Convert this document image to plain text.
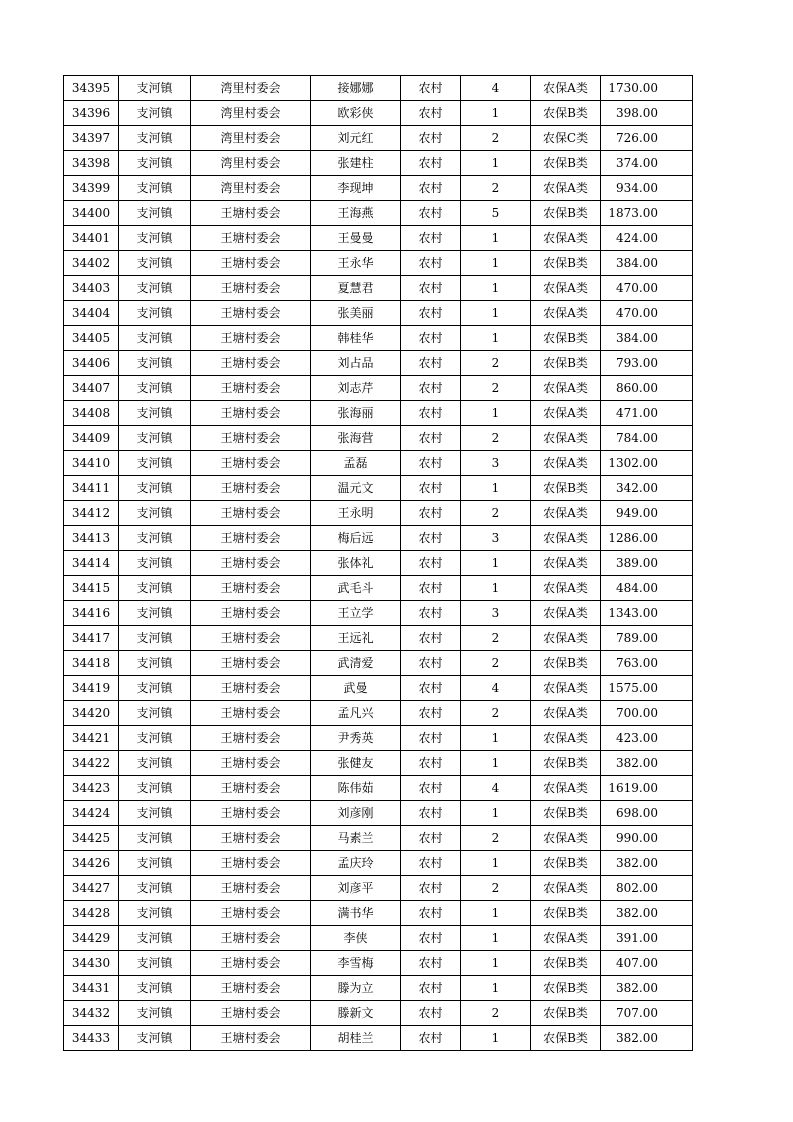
34395	支河镇	湾里村委会	接娜娜	农村	4	农保A类	1730.00
34396	支河镇	湾里村委会	欧彩侠	农村	1	农保B类	398.00
34397	支河镇	湾里村委会	刘元红	农村	2	农保C类	726.00
34398	支河镇	湾里村委会	张建柱	农村	1	农保B类	374.00
34399	支河镇	湾里村委会	李现坤	农村	2	农保A类	934.00
34400	支河镇	王塘村委会	王海燕	农村	5	农保B类	1873.00
34401	支河镇	王塘村委会	王曼曼	农村	1	农保A类	424.00
34402	支河镇	王塘村委会	王永华	农村	1	农保B类	384.00
34403	支河镇	王塘村委会	夏慧君	农村	1	农保A类	470.00
34404	支河镇	王塘村委会	张美丽	农村	1	农保A类	470.00
34405	支河镇	王塘村委会	韩桂华	农村	1	农保B类	384.00
34406	支河镇	王塘村委会	刘占品	农村	2	农保B类	793.00
34407	支河镇	王塘村委会	刘志芹	农村	2	农保A类	860.00
34408	支河镇	王塘村委会	张海丽	农村	1	农保A类	471.00
34409	支河镇	王塘村委会	张海营	农村	2	农保A类	784.00
34410	支河镇	王塘村委会	孟磊	农村	3	农保A类	1302.00
34411	支河镇	王塘村委会	温元文	农村	1	农保B类	342.00
34412	支河镇	王塘村委会	王永明	农村	2	农保A类	949.00
34413	支河镇	王塘村委会	梅后远	农村	3	农保A类	1286.00
34414	支河镇	王塘村委会	张体礼	农村	1	农保A类	389.00
34415	支河镇	王塘村委会	武毛斗	农村	1	农保A类	484.00
34416	支河镇	王塘村委会	王立学	农村	3	农保A类	1343.00
34417	支河镇	王塘村委会	王远礼	农村	2	农保A类	789.00
34418	支河镇	王塘村委会	武清爱	农村	2	农保B类	763.00
34419	支河镇	王塘村委会	武曼	农村	4	农保A类	1575.00
34420	支河镇	王塘村委会	孟凡兴	农村	2	农保A类	700.00
34421	支河镇	王塘村委会	尹秀英	农村	1	农保A类	423.00
34422	支河镇	王塘村委会	张健友	农村	1	农保B类	382.00
34423	支河镇	王塘村委会	陈伟茹	农村	4	农保A类	1619.00
34424	支河镇	王塘村委会	刘彦刚	农村	1	农保B类	698.00
34425	支河镇	王塘村委会	马素兰	农村	2	农保A类	990.00
34426	支河镇	王塘村委会	孟庆玲	农村	1	农保B类	382.00
34427	支河镇	王塘村委会	刘彦平	农村	2	农保A类	802.00
34428	支河镇	王塘村委会	满书华	农村	1	农保B类	382.00
34429	支河镇	王塘村委会	李侠	农村	1	农保A类	391.00
34430	支河镇	王塘村委会	李雪梅	农村	1	农保B类	407.00
34431	支河镇	王塘村委会	滕为立	农村	1	农保B类	382.00
34432	支河镇	王塘村委会	滕新文	农村	2	农保B类	707.00
34433	支河镇	王塘村委会	胡桂兰	农村	1	农保B类	382.00
